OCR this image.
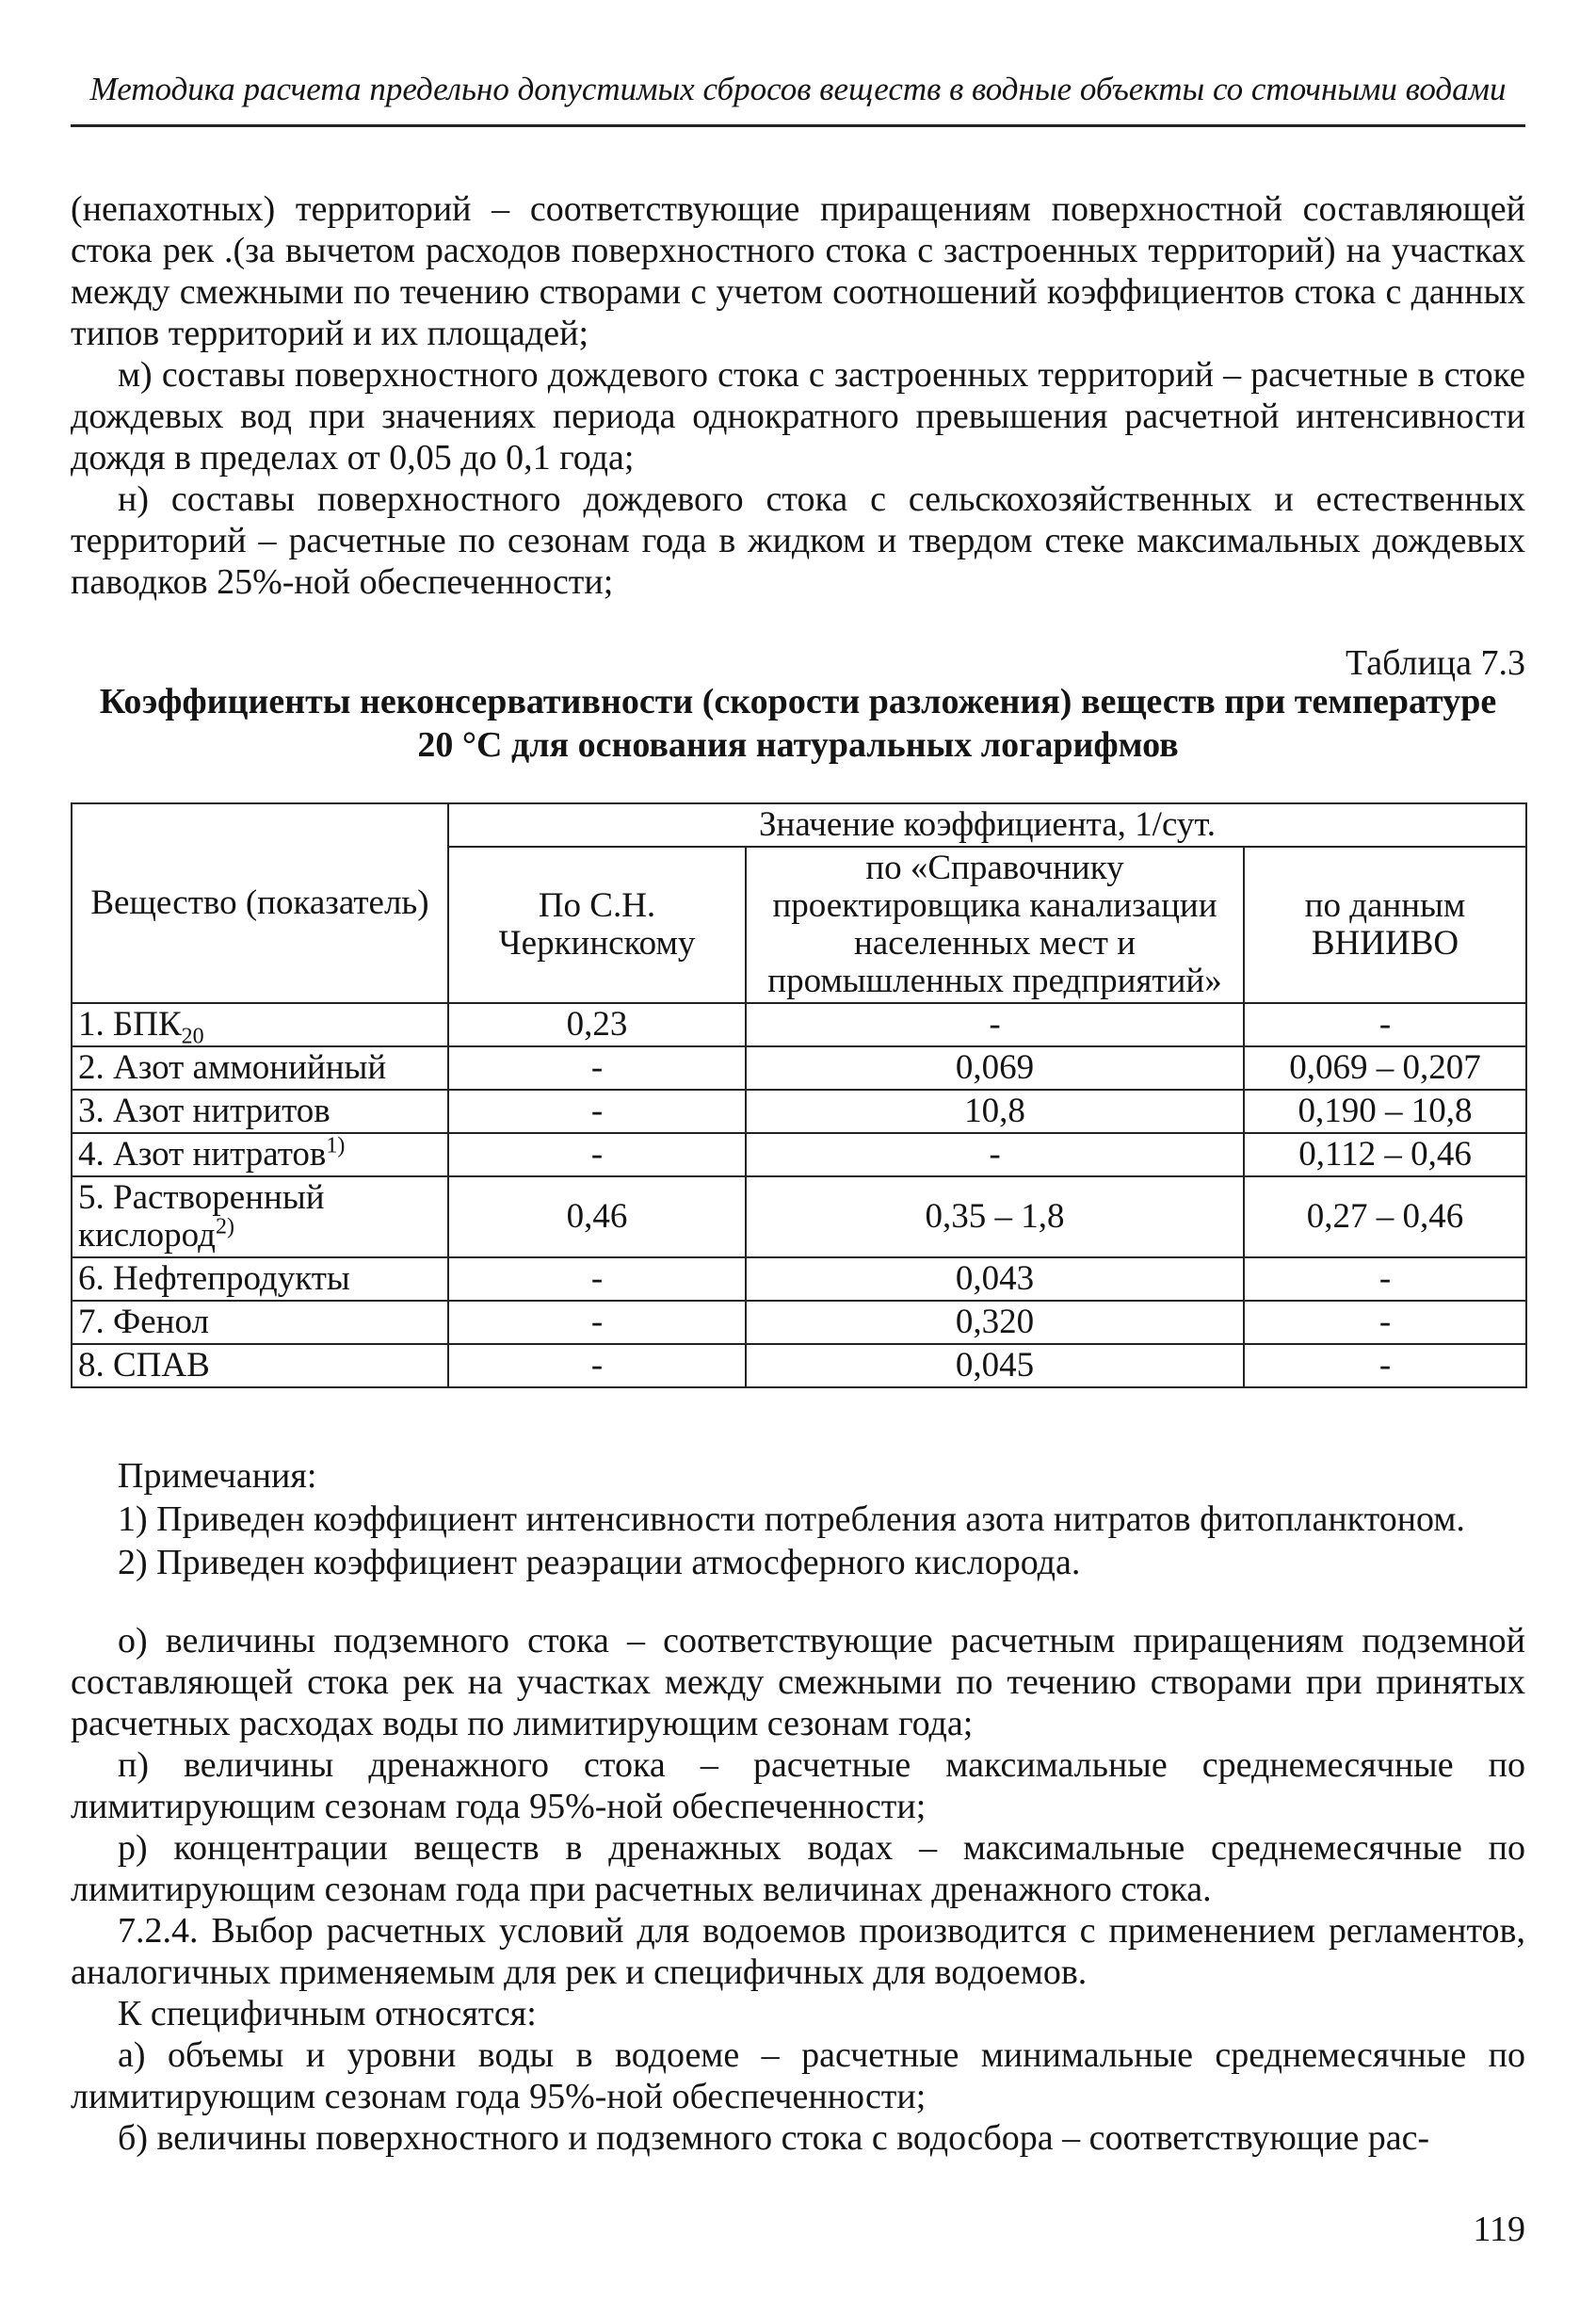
Методика расчета предельно допустимых сбросов веществ в водные объекты со сточными водами

(непахотных) территорий – соответствующие приращениям поверхностной составляющей стока рек .(за вычетом расходов поверхностного стока с застроенных территорий) на участках между смежными по течению створами с учетом соотношений коэффициентов стока с данных типов территорий и их площадей;

м) составы поверхностного дождевого стока с застроенных территорий – расчетные в стоке дождевых вод при значениях периода однократного превышения расчетной интенсивности дождя в пределах от 0,05 до 0,1 года;

н) составы поверхностного дождевого стока с сельскохозяйственных и естественных территорий – расчетные по сезонам года в жидком и твердом стеке максимальных дождевых паводков 25%-ной обеспеченности;

Таблица 7.3
Коэффициенты неконсервативности (скорости разложения) веществ при температуре
20 °С для основания натуральных логарифмов
Вещество (показатель)	Значение коэффициента, 1/сут.		
	По С.Н. Черкинскому	по «Справочнику проектировщика канализации населенных мест и промышленных предприятий»	по данным ВНИИВО
1. $БПК_{20}$	0,23	-	-
2. Азот аммонийный	-	0,069	0,069 – 0,207
3. Азот нитритов	-	10,8	0,190 – 10,8
4. Азот нитратов$^{1)}$	-	-	0,112 – 0,46
5. Растворенный кислород$^{2)}$	0,46	0,35 – 1,8	0,27 – 0,46
6. Нефтепродукты	-	0,043	-
7. Фенол	-	0,320	-
8. СПАВ	-	0,045	-
Примечания:
1) Приведен коэффициент интенсивности потребления азота нитратов фитопланктоном.
2) Приведен коэффициент реаэрации атмосферного кислорода.

о) величины подземного стока – соответствующие расчетным приращениям подземной составляющей стока рек на участках между смежными по течению створами при принятых расчетных расходах воды по лимитирующим сезонам года;

п) величины дренажного стока – расчетные максимальные среднемесячные по лимитирующим сезонам года 95%-ной обеспеченности;

р) концентрации веществ в дренажных водах – максимальные среднемесячные по лимитирующим сезонам года при расчетных величинах дренажного стока.

7.2.4. Выбор расчетных условий для водоемов производится с применением регламентов, аналогичных применяемым для рек и специфичных для водоемов.

К специфичным относятся:

а) объемы и уровни воды в водоеме – расчетные минимальные среднемесячные по лимитирующим сезонам года 95%-ной обеспеченности;

б) величины поверхностного и подземного стока с водосбора – соответствующие рас-

119
